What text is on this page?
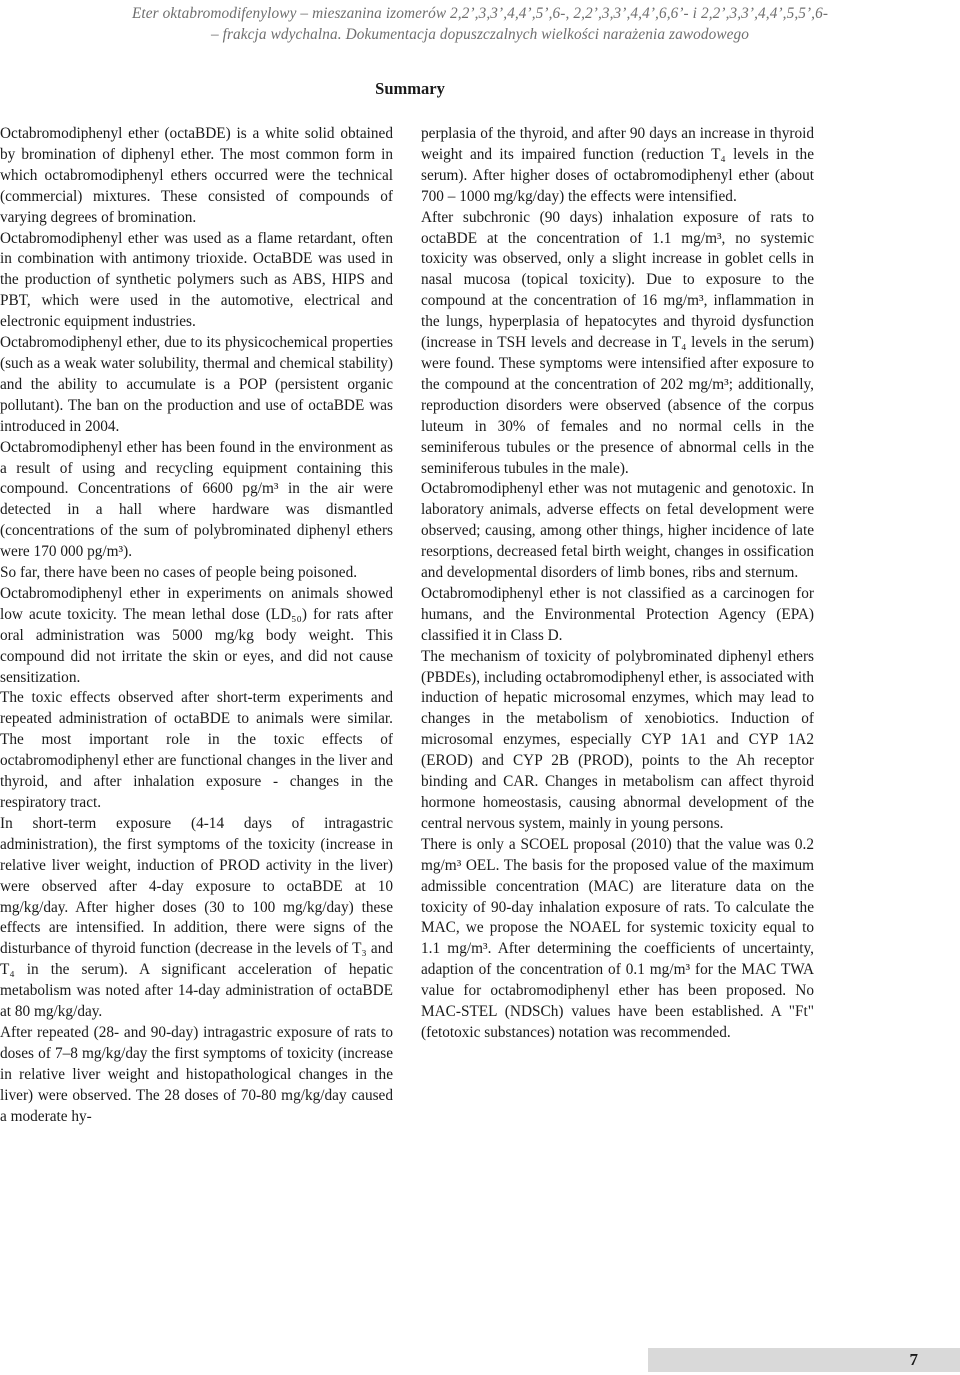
Eter oktabromodifenylowy – mieszanina izomerów 2,2’,3,3’,4,4’,5’,6-, 2,2’,3,3’,4,4’,6,6’- i 2,2’,3,3’,4,4’,5,5’,6-
– frakcja wdychalna. Dokumentacja dopuszczalnych wielkości narażenia zawodowego
Summary

Octabromodiphenyl ether (octaBDE) is a white solid obtained by bromination of diphenyl ether. The most common form in which octabromodiphenyl ethers occurred were the technical (commercial) mixtures. These consisted of compounds of varying degrees of bromination.

Octabromodiphenyl ether was used as a flame retardant, often in combination with antimony trioxide. OctaBDE was used in the production of synthetic polymers such as ABS, HIPS and PBT, which were used in the automotive, electrical and electronic equipment industries.

Octabromodiphenyl ether, due to its physicochemical properties (such as a weak water solubility, thermal and chemical stability) and the ability to accumulate is a POP (persistent organic pollutant). The ban on the production and use of octaBDE was introduced in 2004.

Octabromodiphenyl ether has been found in the environment as a result of using and recycling equipment containing this compound. Concentrations of 6600 pg/m³ in the air were detected in a hall where hardware was dismantled (concentrations of the sum of polybrominated diphenyl ethers were 170 000 pg/m³).

So far, there have been no cases of people being poisoned.

Octabromodiphenyl ether in experiments on animals showed low acute toxicity. The mean lethal dose (LD₅₀) for rats after oral administration was 5000 mg/kg body weight. This compound did not irritate the skin or eyes, and did not cause sensitization.

The toxic effects observed after short-term experiments and repeated administration of octaBDE to animals were similar. The most important role in the toxic effects of octabromodiphenyl ether are functional changes in the liver and thyroid, and after inhalation exposure - changes in the respiratory tract.

In short-term exposure (4-14 days of intragastric administration), the first symptoms of the toxicity (increase in relative liver weight, induction of PROD activity in the liver) were observed after 4-day exposure to octaBDE at 10 mg/kg/day. After higher doses (30 to 100 mg/kg/day) these effects are intensified. In addition, there were signs of the disturbance of thyroid function (decrease in the levels of T₃ and T₄ in the serum). A significant acceleration of hepatic metabolism was noted after 14-day administration of octaBDE at 80 mg/kg/day.

After repeated (28- and 90-day) intragastric exposure of rats to doses of 7–8 mg/kg/day the first symptoms of toxicity (increase in relative liver weight and histopathological changes in the liver) were observed. The 28 doses of 70-80 mg/kg/day caused a moderate hy-

perplasia of the thyroid, and after 90 days an increase in thyroid weight and its impaired function (reduction T₄ levels in the serum). After higher doses of octabromodiphenyl ether (about 700 – 1000 mg/kg/day) the effects were intensified.

After subchronic (90 days) inhalation exposure of rats to octaBDE at the concentration of 1.1 mg/m³, no systemic toxicity was observed, only a slight increase in goblet cells in nasal mucosa (topical toxicity). Due to exposure to the compound at the concentration of 16 mg/m³, inflammation in the lungs, hyperplasia of hepatocytes and thyroid dysfunction (increase in TSH levels and decrease in T₄ levels in the serum) were found. These symptoms were intensified after exposure to the compound at the concentration of 202 mg/m³; additionally, reproduction disorders were observed (absence of the corpus luteum in 30% of females and no normal cells in the seminiferous tubules or the presence of abnormal cells in the seminiferous tubules in the male).

Octabromodiphenyl ether was not mutagenic and genotoxic. In laboratory animals, adverse effects on fetal development were observed; causing, among other things, higher incidence of late resorptions, decreased fetal birth weight, changes in ossification and developmental disorders of limb bones, ribs and sternum.

Octabromodiphenyl ether is not classified as a carcinogen for humans, and the Environmental Protection Agency (EPA) classified it in Class D.

The mechanism of toxicity of polybrominated diphenyl ethers (PBDEs), including octabromodiphenyl ether, is associated with induction of hepatic microsomal enzymes, which may lead to changes in the metabolism of xenobiotics. Induction of microsomal enzymes, especially CYP 1A1 and CYP 1A2 (EROD) and CYP 2B (PROD), points to the Ah receptor binding and CAR. Changes in metabolism can affect thyroid hormone homeostasis, causing abnormal development of the central nervous system, mainly in young persons.

There is only a SCOEL proposal (2010) that the value was 0.2 mg/m³ OEL. The basis for the proposed value of the maximum admissible concentration (MAC) are literature data on the toxicity of 90-day inhalation exposure of rats. To calculate the MAC, we propose the NOAEL for systemic toxicity equal to 1.1 mg/m³. After determining the coefficients of uncertainty, adaption of the concentration of 0.1 mg/m³ for the MAC TWA value for octabromodiphenyl ether has been proposed. No MAC-STEL (NDSCh) values have been established. A "Ft" (fetotoxic substances) notation was recommended.

7
